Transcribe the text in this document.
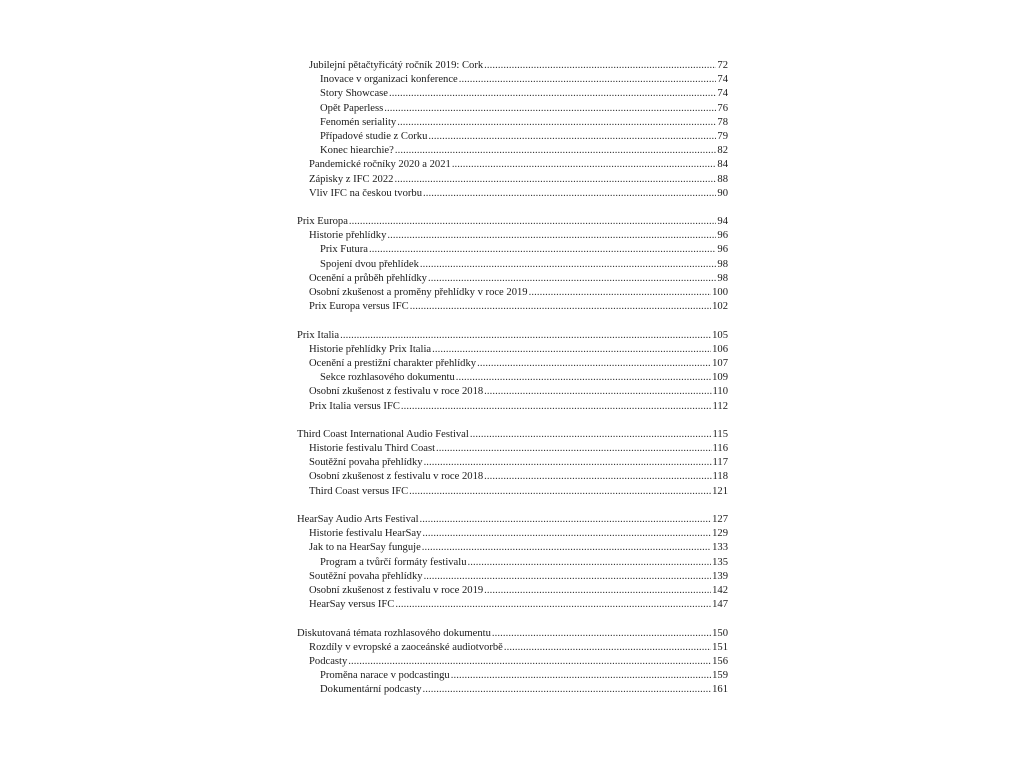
Jubilejní pětačtyřicátý ročník 2019: Cork .....	72
Inovace v organizaci konference .....	74
Story Showcase .....	74
Opět Paperless .....	76
Fenomén seriality .....	78
Případové studie z Corku .....	79
Konec hiearchie? .....	82
Pandemické ročníky 2020 a 2021 .....	84
Zápisky z IFC 2022 .....	88
Vliv IFC na českou tvorbu .....	90
Prix Europa .....	94
Historie přehlídky .....	96
Prix Futura .....	96
Spojení dvou přehlídek .....	98
Ocenění a průběh přehlídky .....	98
Osobní zkušenost a proměny přehlídky v roce 2019 .....	100
Prix Europa versus IFC .....	102
Prix Italia .....	105
Historie přehlídky Prix Italia .....	106
Ocenění a prestižní charakter přehlídky .....	107
Sekce rozhlasového dokumentu .....	109
Osobní zkušenost z festivalu v roce 2018 .....	110
Prix Italia versus IFC .....	112
Third Coast International Audio Festival .....	115
Historie festivalu Third Coast .....	116
Soutěžní povaha přehlídky .....	117
Osobní zkušenost z festivalu v roce 2018 .....	118
Third Coast versus IFC .....	121
HearSay Audio Arts Festival .....	127
Historie festivalu HearSay .....	129
Jak to na HearSay funguje .....	133
Program a tvůrčí formáty festivalu .....	135
Soutěžní povaha přehlídky .....	139
Osobní zkušenost z festivalu v roce 2019 .....	142
HearSay versus IFC .....	147
Diskutovaná témata rozhlasového dokumentu .....	150
Rozdíly v evropské a zaoceánské audiotvorbě .....	151
Podcasty .....	156
Proměna narace v podcastingu .....	159
Dokumentární podcasty .....	161
